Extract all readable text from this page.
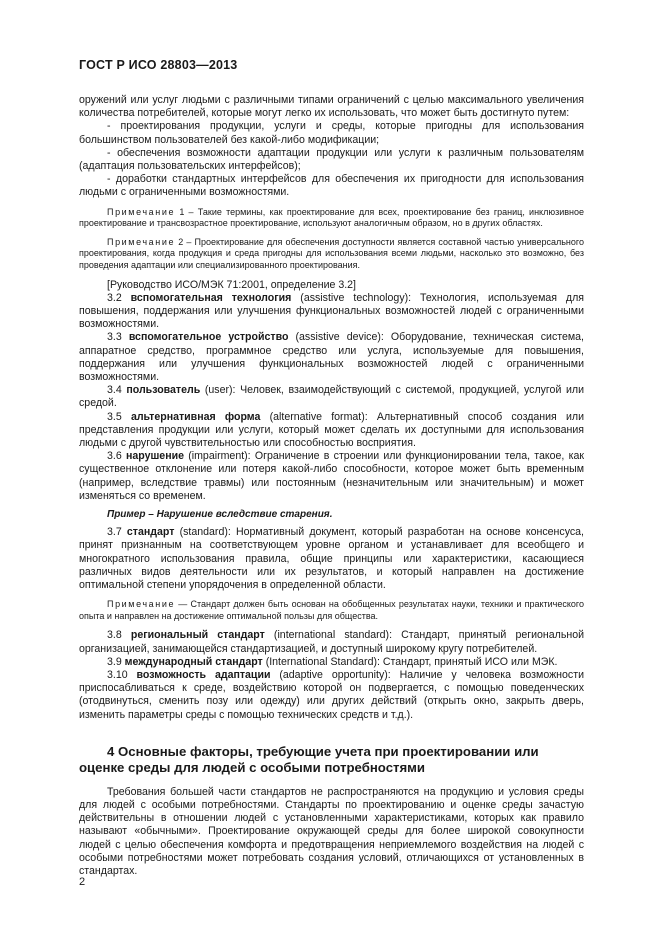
ГОСТ Р ИСО 28803—2013

оружений или услуг людьми с различными типами ограничений с целью максимального увеличения количества потребителей, которые могут легко их использовать, что может быть достигнуто путем:

- проектирования продукции, услуги и среды, которые пригодны для использования большинством пользователей без какой-либо модификации;

- обеспечения возможности адаптации продукции или услуги к различным пользователям (адаптация пользовательских интерфейсов);

- доработки стандартных интерфейсов для обеспечения их пригодности для использования людьми с ограниченными возможностями.

Примечание 1 – Такие термины, как проектирование для всех, проектирование без границ, инклюзивное проектирование и трансвозрастное проектирование, используют аналогичным образом, но в других областях.

Примечание 2 – Проектирование для обеспечения доступности является составной частью универсального проектирования, когда продукция и среда пригодны для использования всеми людьми, насколько это возможно, без проведения адаптации или специализированного проектирования.

[Руководство ИСО/МЭК 71:2001, определение 3.2]

3.2 вспомогательная технология (assistive technology): Технология, используемая для повышения, поддержания или улучшения функциональных возможностей людей с ограниченными возможностями.

3.3 вспомогательное устройство (assistive device): Оборудование, техническая система, аппаратное средство, программное средство или услуга, используемые для повышения, поддержания или улучшения функциональных возможностей людей с ограниченными возможностями.

3.4 пользователь (user): Человек, взаимодействующий с системой, продукцией, услугой или средой.

3.5 альтернативная форма (alternative format): Альтернативный способ создания или представления продукции или услуги, который может сделать их доступными для использования людьми с другой чувствительностью или способностью восприятия.

3.6 нарушение (impairment): Ограничение в строении или функционировании тела, такое, как существенное отклонение или потеря какой-либо способности, которое может быть временным (например, вследствие травмы) или постоянным (незначительным или значительным) и может изменяться со временем.

Пример – Нарушение вследствие старения.

3.7 стандарт (standard): Нормативный документ, который разработан на основе консенсуса, принят признанным на соответствующем уровне органом и устанавливает для всеобщего и многократного использования правила, общие принципы или характеристики, касающиеся различных видов деятельности или их результатов, и который направлен на достижение оптимальной степени упорядочения в определенной области.

Примечание — Стандарт должен быть основан на обобщенных результатах науки, техники и практического опыта и направлен на достижение оптимальной пользы для общества.

3.8 региональный стандарт (international standard): Стандарт, принятый региональной организацией, занимающейся стандартизацией, и доступный широкому кругу потребителей.

3.9 международный стандарт (International Standard): Стандарт, принятый ИСО или МЭК.

3.10 возможность адаптации (adaptive opportunity): Наличие у человека возможности приспосабливаться к среде, воздействию которой он подвергается, с помощью поведенческих (отодвинуться, сменить позу или одежду) или других действий (открыть окно, закрыть дверь, изменить параметры среды с помощью технических средств и т.д.).

4 Основные факторы, требующие учета при проектировании или оценке среды для людей с особыми потребностями

Требования большей части стандартов не распространяются на продукцию и условия среды для людей с особыми потребностями. Стандарты по проектированию и оценке среды зачастую действительны в отношении людей с установленными характеристиками, которых как правило называют «обычными». Проектирование окружающей среды для более широкой совокупности людей с целью обеспечения комфорта и предотвращения неприемлемого воздействия на людей с особыми потребностями может потребовать создания условий, отличающихся от установленных в стандартах.

2
